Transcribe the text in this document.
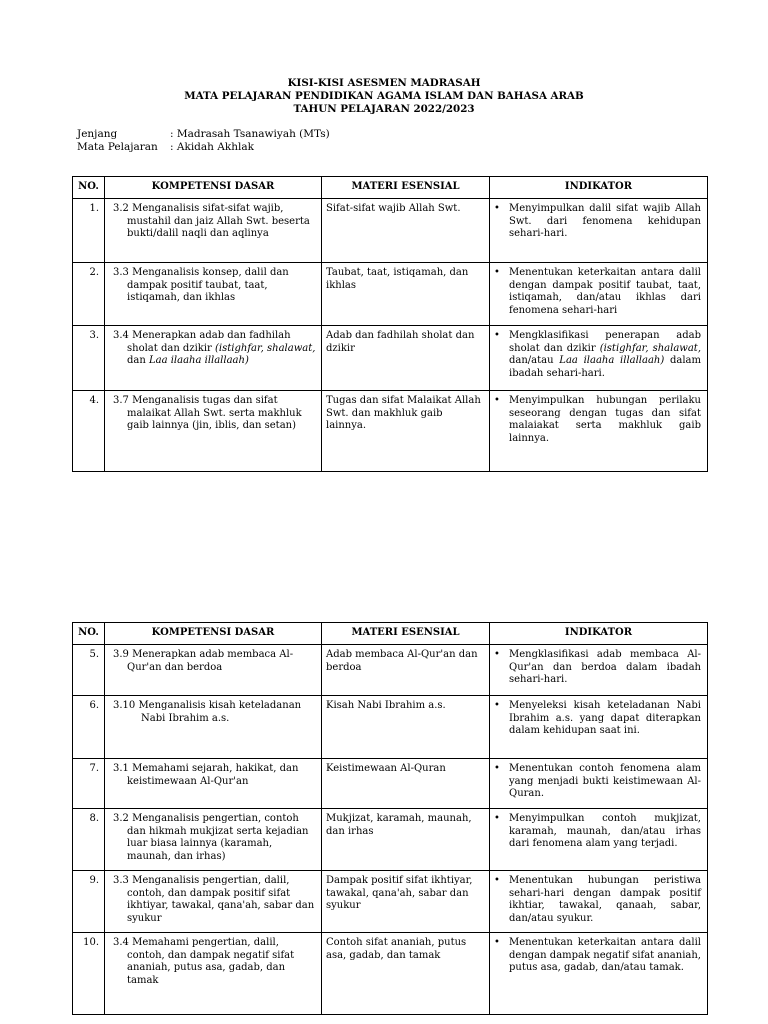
KISI-KISI ASESMEN MADRASAH
MATA PELAJARAN PENDIDIKAN AGAMA ISLAM DAN BAHASA ARAB
TAHUN PELAJARAN 2022/2023
Jenjang	: Madrasah Tsanawiyah (MTs)
Mata Pelajaran : Akidah Akhlak
NO.	KOMPETENSI DASAR	MATERI ESENSIAL	INDIKATOR
1.	3.2 Menganalisis sifat-sifat wajib, mustahil dan jaiz Allah Swt. beserta bukti/dalil naqli dan aqlinya	Sifat-sifat wajib Allah Swt.	• Menyimpulkan dalil sifat wajib Allah Swt. dari fenomena kehidupan sehari-hari.

2.	3.3 Menganalisis konsep, dalil dan dampak positif taubat, taat, istiqamah, dan ikhlas	Taubat, taat, istiqamah, dan ikhlas	• Menentukan keterkaitan antara dalil dengan dampak positif taubat, taat, istiqamah, dan/atau ikhlas dari fenomena sehari-hari

3.	3.4 Menerapkan adab dan fadhilah sholat dan dzikir (istighfar, shalawat, dan Laa ilaaha illallaah)	Adab dan fadhilah sholat dan dzikir	• Mengklasifikasi penerapan adab sholat dan dzikir (istighfar, shalawat, dan/atau Laa ilaaha illallaah) dalam ibadah sehari-hari.

4.	3.7 Menganalisis tugas dan sifat malaikat Allah Swt. serta makhluk gaib lainnya (jin, iblis, dan setan)	Tugas dan sifat Malaikat Allah Swt. dan makhluk gaib lainnya.	• Menyimpulkan hubungan perilaku seseorang dengan tugas dan sifat malaiakat serta makhluk gaib lainnya.
NO.	KOMPETENSI DASAR	MATERI ESENSIAL	INDIKATOR
5.	3.9 Menerapkan adab membaca Al-Qur'an dan berdoa	Adab membaca Al-Qur'an dan berdoa	• Mengklasifikasi adab membaca Al-Qur'an dan berdoa dalam ibadah sehari-hari.

6.	3.10 Menganalisis kisah keteladanan Nabi Ibrahim a.s.	Kisah Nabi Ibrahim a.s.	• Menyeleksi kisah keteladanan Nabi Ibrahim a.s. yang dapat diterapkan dalam kehidupan saat ini.

7.	3.1 Memahami sejarah, hakikat, dan keistimewaan Al-Qur'an	Keistimewaan Al-Quran	• Menentukan contoh fenomena alam yang menjadi bukti keistimewaan Al-Quran.

8.	3.2 Menganalisis pengertian, contoh dan hikmah mukjizat serta kejadian luar biasa lainnya (karamah, maunah, dan irhas)	Mukjizat, karamah, maunah, dan irhas	• Menyimpulkan contoh mukjizat, karamah, maunah, dan/atau irhas dari fenomena alam yang terjadi.

9.	3.3 Menganalisis pengertian, dalil, contoh, dan dampak positif sifat ikhtiyar, tawakal, qana'ah, sabar dan syukur	Dampak positif sifat ikhtiyar, tawakal, qana'ah, sabar dan syukur	• Menentukan hubungan peristiwa sehari-hari dengan dampak positif ikhtiar, tawakal, qanaah, sabar, dan/atau syukur.

10.	3.4 Memahami pengertian, dalil, contoh, dan dampak negatif sifat ananiah, putus asa, gadab, dan tamak	Contoh sifat ananiah, putus asa, gadab, dan tamak	• Menentukan keterkaitan antara dalil dengan dampak negatif sifat ananiah, putus asa, gadab, dan/atau tamak.
